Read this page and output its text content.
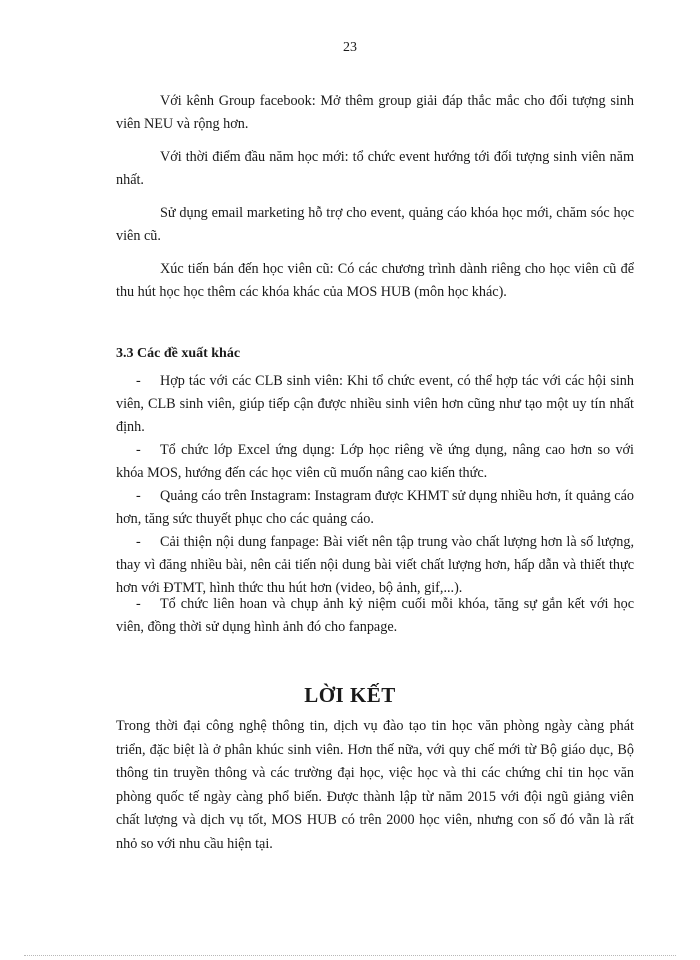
23

Với kênh Group facebook: Mở thêm group giải đáp thắc mắc cho đối tượng sinh viên NEU và rộng hơn.

Với thời điểm đầu năm học mới: tổ chức event hướng tới đối tượng sinh viên năm nhất.

Sử dụng email marketing hỗ trợ cho event, quảng cáo khóa học mới, chăm sóc học viên cũ.

Xúc tiến bán đến học viên cũ: Có các chương trình dành riêng cho học viên cũ để thu hút học học thêm các khóa khác của MOS HUB (môn học khác).

3.3 Các đề xuất khác

- Hợp tác với các CLB sinh viên: Khi tổ chức event, có thể hợp tác với các hội sinh viên, CLB sinh viên, giúp tiếp cận được nhiều sinh viên hơn cũng như tạo một uy tín nhất định.

- Tổ chức lớp Excel ứng dụng: Lớp học riêng về ứng dụng, nâng cao hơn so với khóa MOS, hướng đến các học viên cũ muốn nâng cao kiến thức.

- Quảng cáo trên Instagram: Instagram được KHMT sử dụng nhiều hơn, ít quảng cáo hơn, tăng sức thuyết phục cho các quảng cáo.

- Cải thiện nội dung fanpage: Bài viết nên tập trung vào chất lượng hơn là số lượng, thay vì đăng nhiều bài, nên cải tiến nội dung bài viết chất lượng hơn, hấp dẫn và thiết thực hơn với ĐTMT, hình thức thu hút hơn (video, bộ ảnh, gif,...).

- Tổ chức liên hoan và chụp ảnh kỷ niệm cuối mỗi khóa, tăng sự gắn kết với học viên, đồng thời sử dụng hình ảnh đó cho fanpage.

LỜI KẾT

Trong thời đại công nghệ thông tin, dịch vụ đào tạo tin học văn phòng ngày càng phát triển, đặc biệt là ở phân khúc sinh viên. Hơn thế nữa, với quy chế mới từ Bộ giáo dục, Bộ thông tin truyền thông và các trường đại học, việc học và thi các chứng chỉ tin học văn phòng quốc tế ngày càng phổ biến. Được thành lập từ năm 2015 với đội ngũ giảng viên chất lượng và dịch vụ tốt, MOS HUB có trên 2000 học viên, nhưng con số đó vẫn là rất nhỏ so với nhu cầu hiện tại.
